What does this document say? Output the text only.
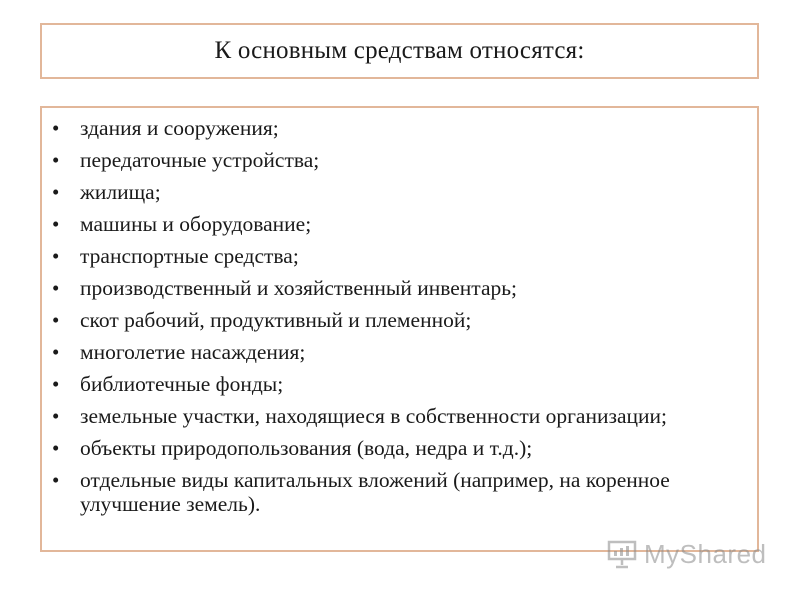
К основным средствам относятся:
• здания и сооружения;
• передаточные устройства;
• жилища;
• машины и оборудование;
• транспортные средства;
• производственный и хозяйственный инвентарь;
• скот рабочий, продуктивный и племенной;
• многолетие насаждения;
• библиотечные фонды;
• земельные участки, находящиеся в собственности организации;
• объекты природопользования (вода, недра и т.д.);
• отдельные виды капитальных вложений (например, на коренное улучшение земель).
MyShared
